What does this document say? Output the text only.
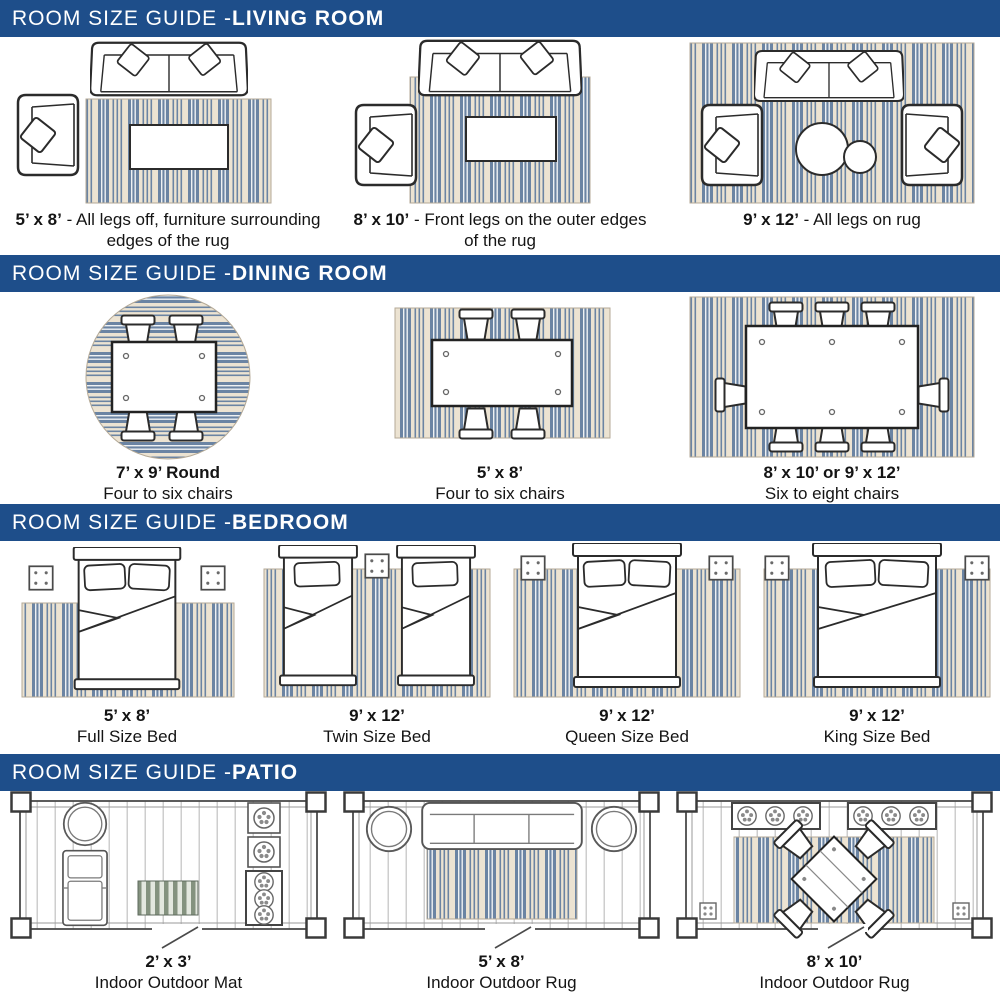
ROOM SIZE GUIDE - LIVING ROOM
5’ x 8’ - All legs off, furniture surrounding edges of the rug
8’ x 10’ - Front legs on the outer edges of the rug
9’ x 12’ - All legs on rug
ROOM SIZE GUIDE - DINING ROOM
7’ x 9’ Round
Four to six chairs
5’ x 8’
Four to six chairs
8’ x 10’ or 9’ x 12’
Six to eight chairs
ROOM SIZE GUIDE - BEDROOM
5’ x 8’
Full Size Bed
9’ x 12’
Twin Size Bed
9’ x 12’
Queen Size Bed
9’ x 12’
King Size Bed
ROOM SIZE GUIDE - PATIO
2’ x 3’
Indoor Outdoor Mat
5’ x 8’
Indoor Outdoor Rug
8’ x 10’
Indoor Outdoor Rug
